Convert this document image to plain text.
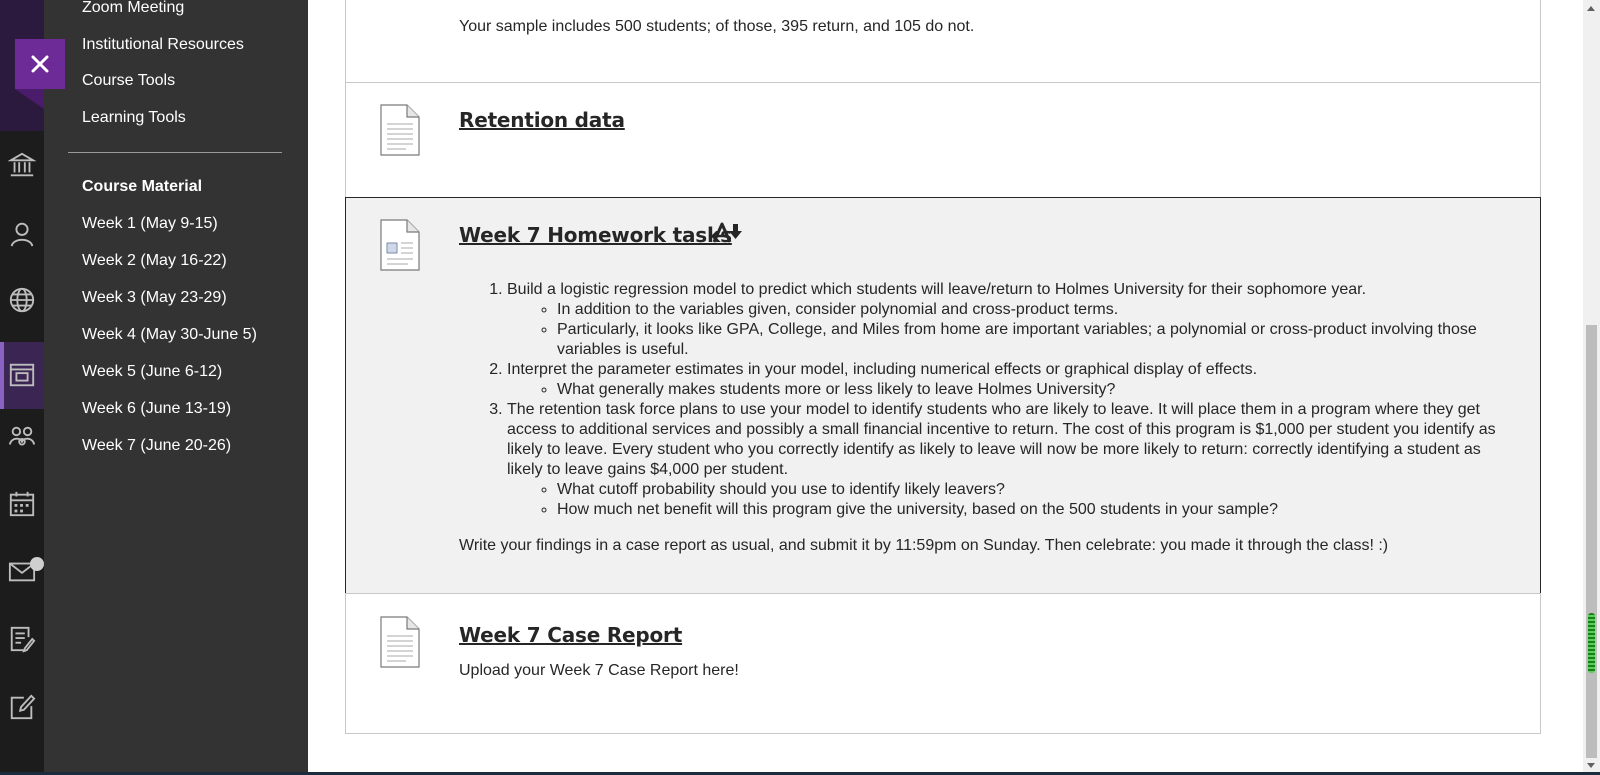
Zoom Meeting
Institutional Resources
Course Tools
Learning Tools
Course Material
Week 1 (May 9-15)
Week 2 (May 16-22)
Week 3 (May 23-29)
Week 4 (May 30-June 5)
Week 5 (June 6-12)
Week 6 (June 13-19)
Week 7 (June 20-26)
Your sample includes 500 students; of those, 395 return, and 105 do not.
Retention data
Week 7 Homework tasks
1. Build a logistic regression model to predict which students will leave/return to Holmes University for their sophomore year.
◦ In addition to the variables given, consider polynomial and cross-product terms.
◦ Particularly, it looks like GPA, College, and Miles from home are important variables; a polynomial or cross-product involving those variables is useful.
2. Interpret the parameter estimates in your model, including numerical effects or graphical display of effects.
◦ What generally makes students more or less likely to leave Holmes University?
3. The retention task force plans to use your model to identify students who are likely to leave. It will place them in a program where they get access to additional services and possibly a small financial incentive to return. The cost of this program is $1,000 per student you identify as likely to leave. Every student who you correctly identify as likely to leave will now be more likely to return: correctly identifying a student as likely to leave gains $4,000 per student.
◦ What cutoff probability should you use to identify likely leavers?
◦ How much net benefit will this program give the university, based on the 500 students in your sample?

Write your findings in a case report as usual, and submit it by 11:59pm on Sunday. Then celebrate: you made it through the class! :)

Week 7 Case Report
Upload your Week 7 Case Report here!
